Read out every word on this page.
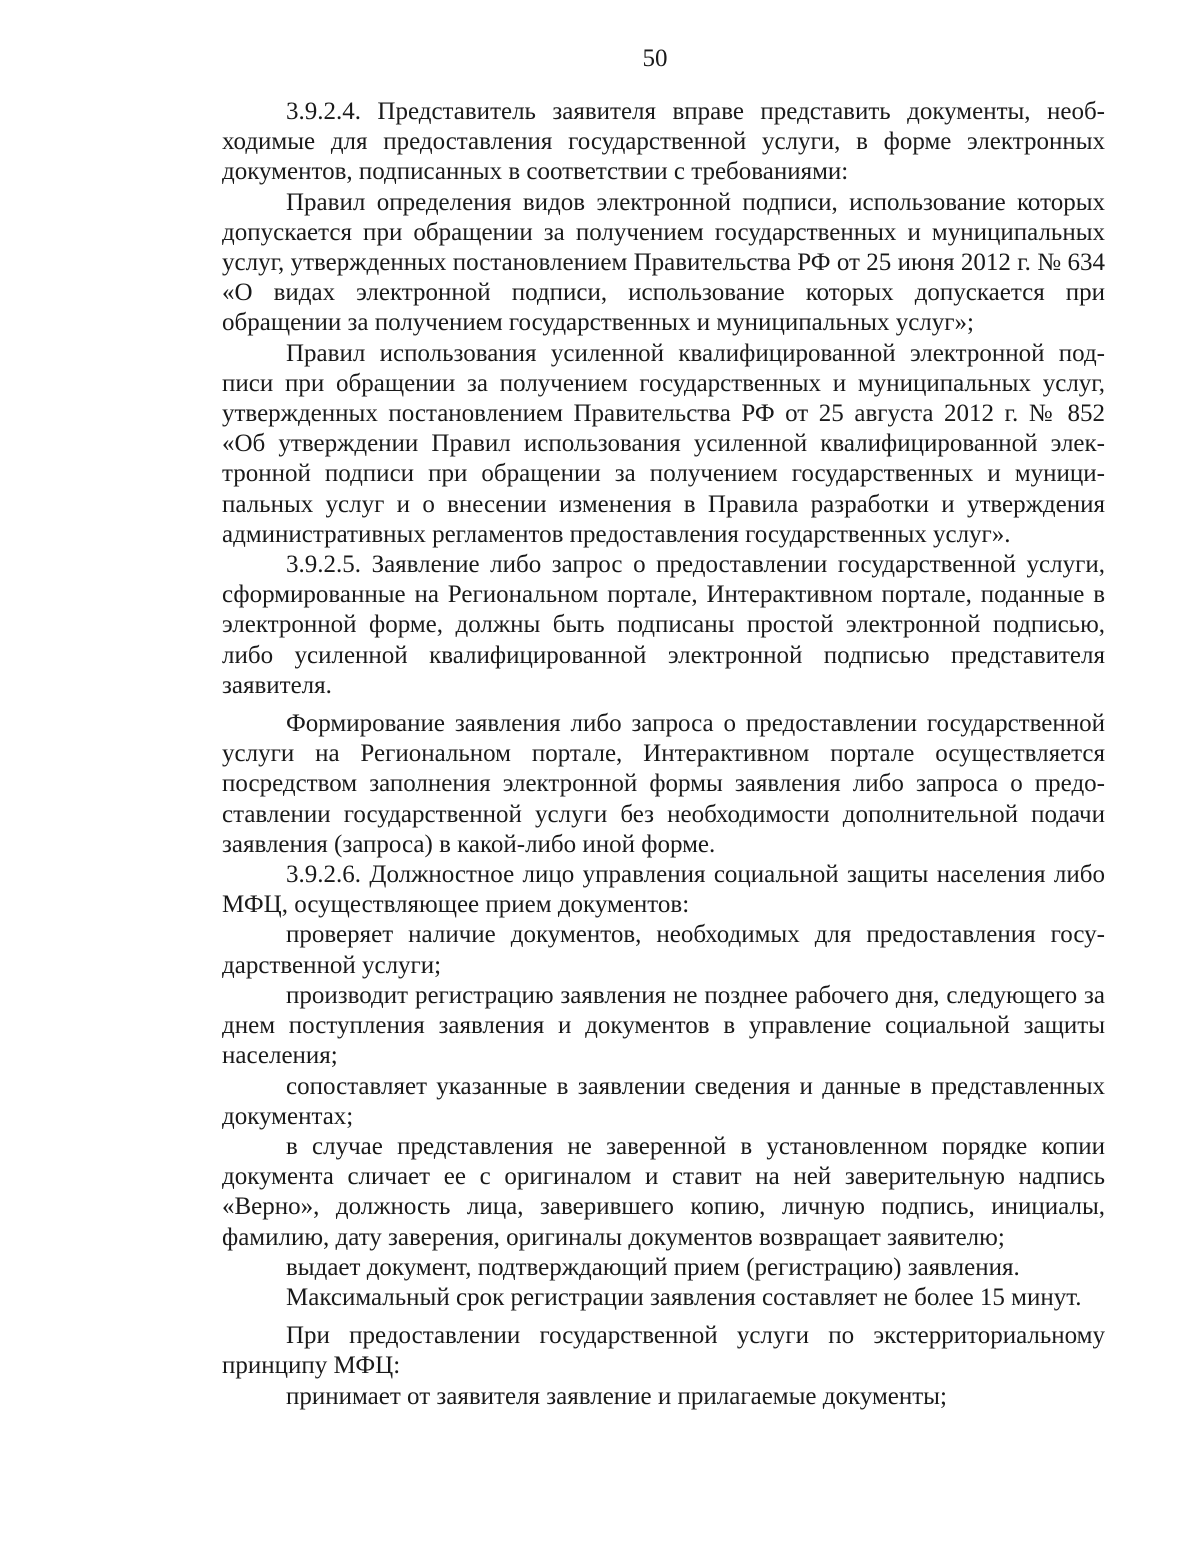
50

3.9.2.4. Представитель заявителя вправе представить документы, необходимые для предоставления государственной услуги, в форме электронных документов, подписанных в соответствии с требованиями:

Правил определения видов электронной подписи, использование которых допускается при обращении за получением государственных и муниципальных услуг, утвержденных постановлением Правительства РФ от 25 июня 2012 г. № 634 «О видах электронной подписи, использование которых допускается при обращении за получением государственных и муниципальных услуг»;

Правил использования усиленной квалифицированной электронной подписи при обращении за получением государственных и муниципальных услуг, утвержденных постановлением Правительства РФ от 25 августа 2012 г. № 852 «Об утверждении Правил использования усиленной квалифицированной электронной подписи при обращении за получением государственных и муниципальных услуг и о внесении изменения в Правила разработки и утверждения административных регламентов предоставления государственных услуг».

3.9.2.5. Заявление либо запрос о предоставлении государственной услуги, сформированные на Региональном портале, Интерактивном портале, поданные в электронной форме, должны быть подписаны простой электронной подписью, либо усиленной квалифицированной электронной подписью представителя заявителя.

Формирование заявления либо запроса о предоставлении государственной услуги на Региональном портале, Интерактивном портале осуществляется посредством заполнения электронной формы заявления либо запроса о предоставлении государственной услуги без необходимости дополнительной подачи заявления (запроса) в какой-либо иной форме.

3.9.2.6. Должностное лицо управления социальной защиты населения либо МФЦ, осуществляющее прием документов:

проверяет наличие документов, необходимых для предоставления государственной услуги;

производит регистрацию заявления не позднее рабочего дня, следующего за днем поступления заявления и документов в управление социальной защиты населения;

сопоставляет указанные в заявлении сведения и данные в представленных документах;

в случае представления не заверенной в установленном порядке копии документа сличает ее с оригиналом и ставит на ней заверительную надпись «Верно», должность лица, заверившего копию, личную подпись, инициалы, фамилию, дату заверения, оригиналы документов возвращает заявителю;

выдает документ, подтверждающий прием (регистрацию) заявления.

Максимальный срок регистрации заявления составляет не более 15 минут.

При предоставлении государственной услуги по экстерриториальному принципу МФЦ:

принимает от заявителя заявление и прилагаемые документы;
